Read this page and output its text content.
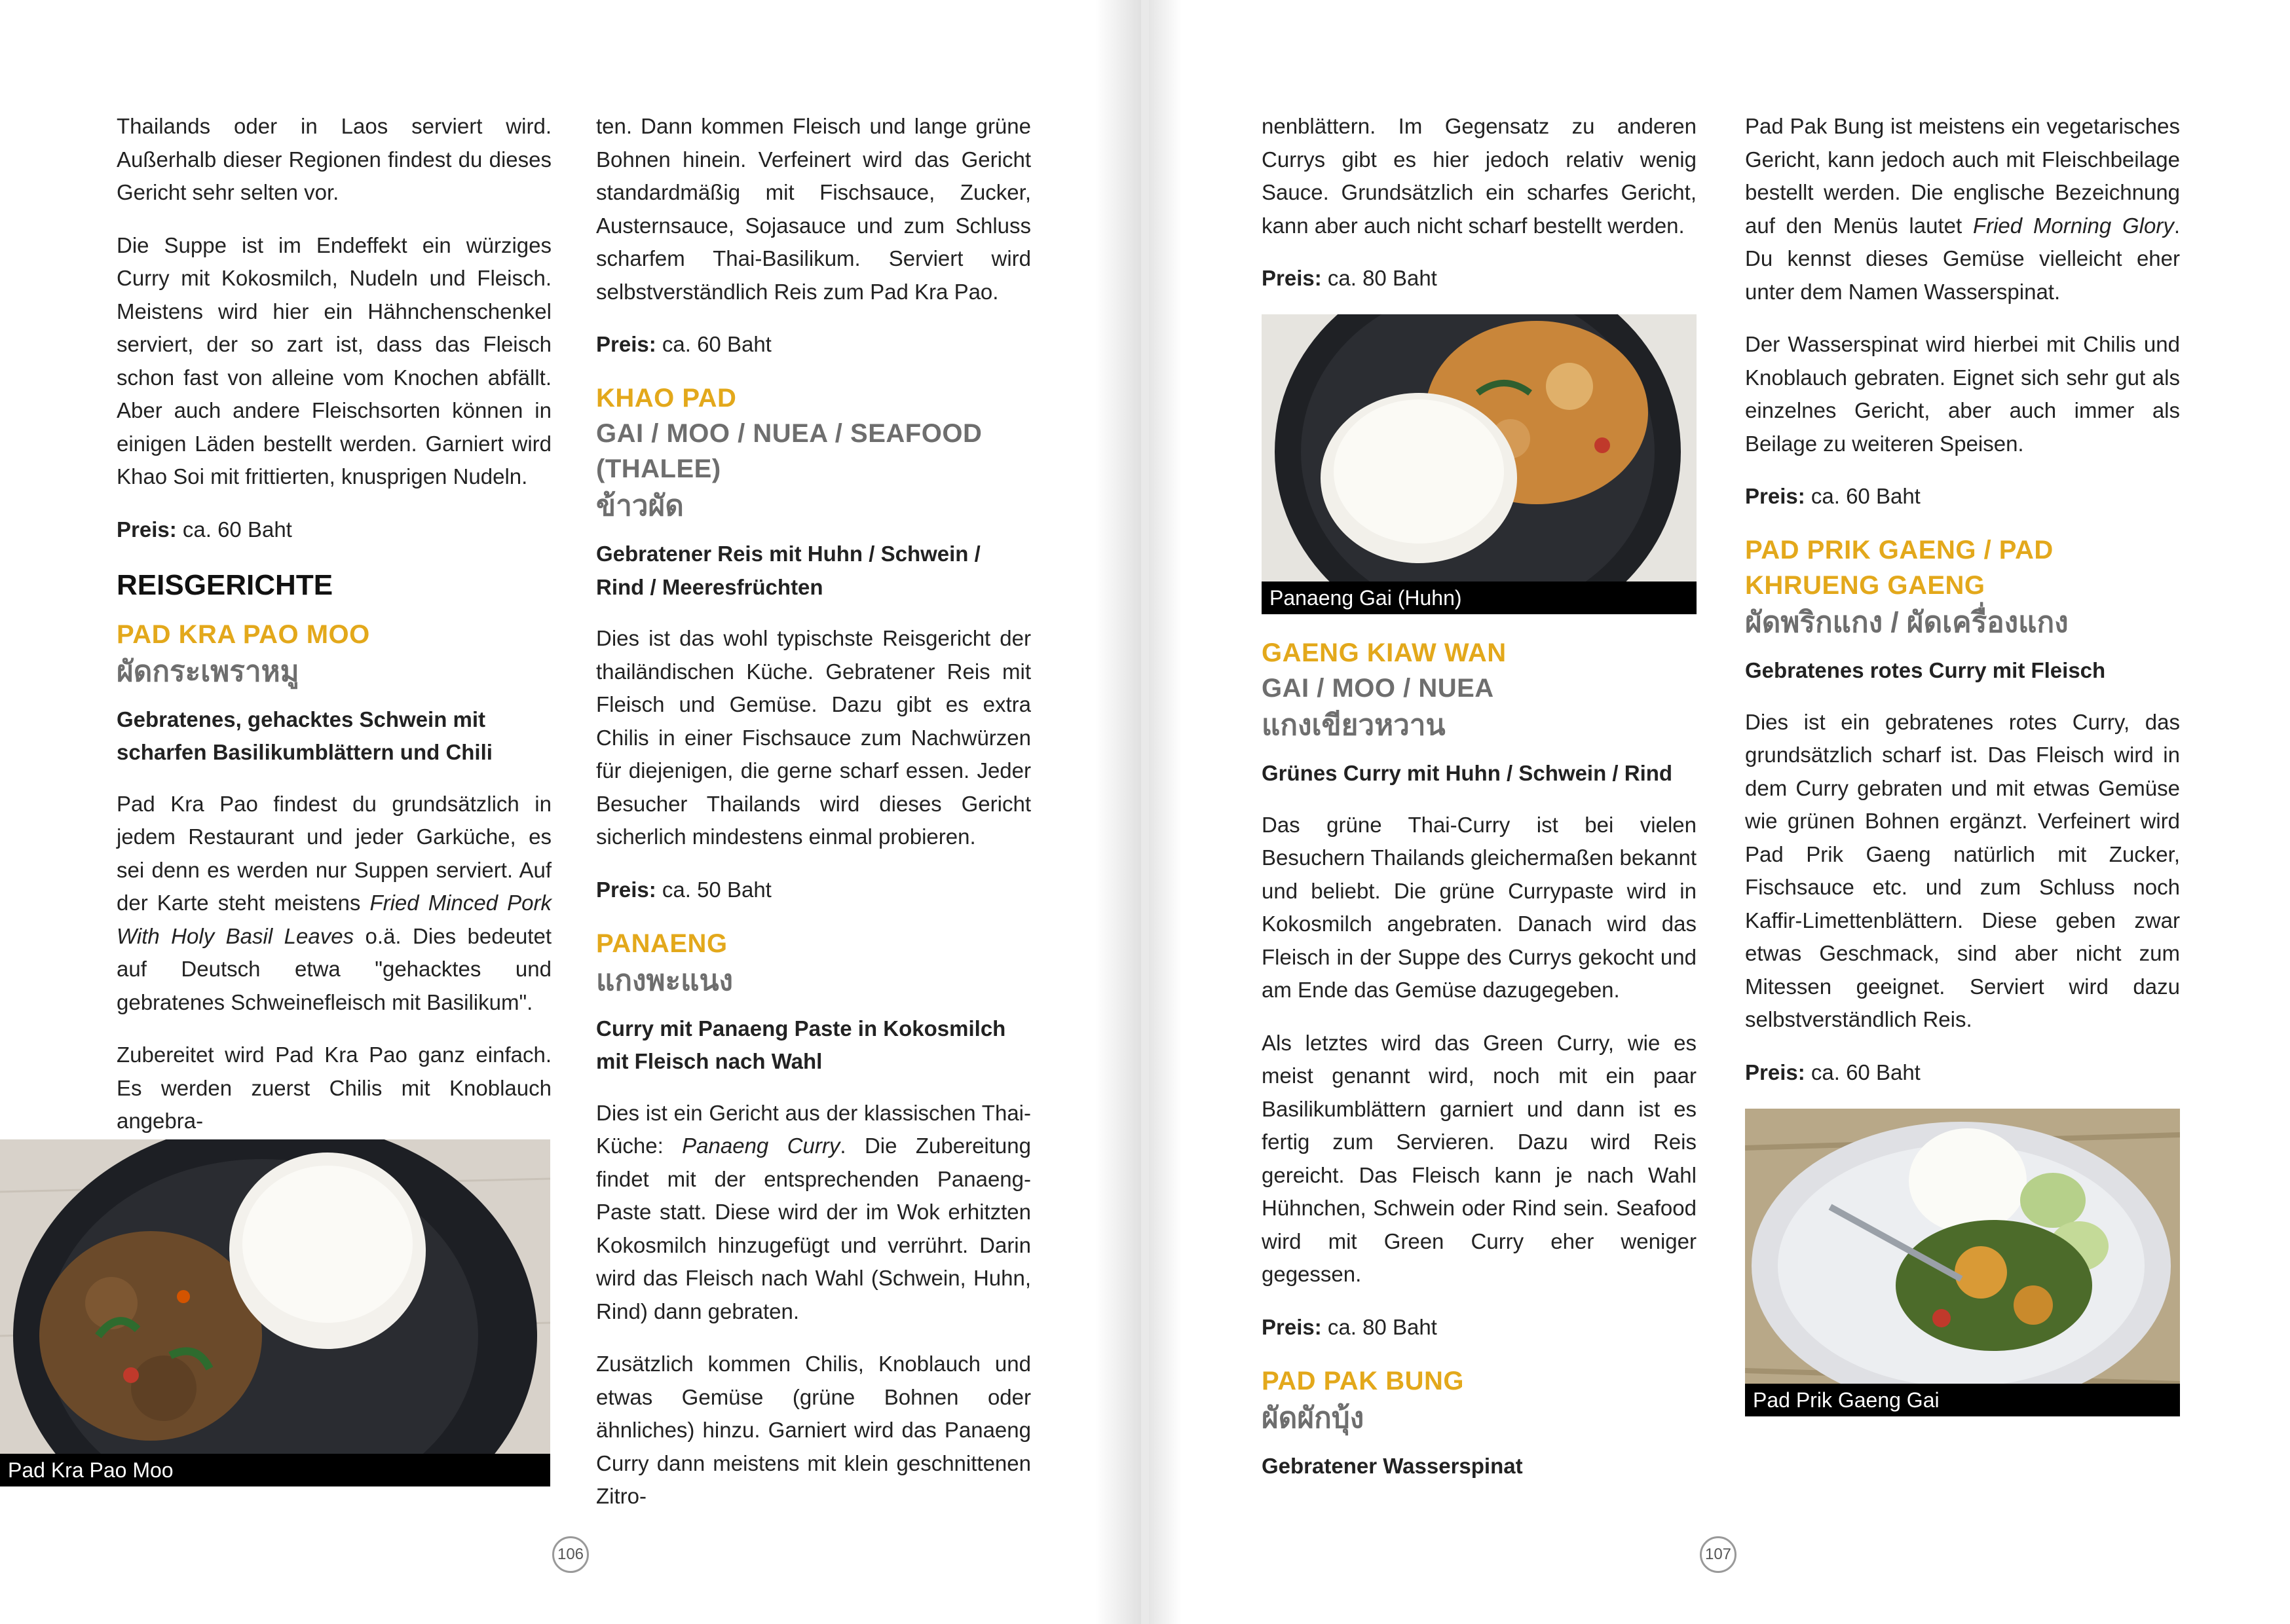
Thailands oder in Laos serviert wird. Außerhalb dieser Regionen findest du dieses Gericht sehr selten vor.

Die Suppe ist im Endeffekt ein würziges Curry mit Kokosmilch, Nudeln und Fleisch. Meistens wird hier ein Hähnchenschenkel serviert, der so zart ist, dass das Fleisch schon fast von alleine vom Knochen abfällt. Aber auch andere Fleischsorten können in einigen Läden bestellt werden. Garniert wird Khao Soi mit frittierten, knusprigen Nudeln.

Preis: ca. 60 Baht
REISGERICHTE
PAD KRA PAO MOO
ผัดกระเพราหมู
Gebratenes, gehacktes Schwein mit scharfen Basilikumblättern und Chili

Pad Kra Pao findest du grundsätzlich in jedem Restaurant und jeder Garküche, es sei denn es werden nur Suppen serviert. Auf der Karte steht meistens Fried Minced Pork With Holy Basil Leaves o.ä. Dies bedeutet auf Deutsch etwa "gehacktes und gebratenes Schweinefleisch mit Basilikum".

Zubereitet wird Pad Kra Pao ganz einfach. Es werden zuerst Chilis mit Knoblauch angebra-

Pad Kra Pao Moo

ten. Dann kommen Fleisch und lange grüne Bohnen hinein. Verfeinert wird das Gericht standardmäßig mit Fischsauce, Zucker, Austernsauce, Sojasauce und zum Schluss scharfem Thai-Basilikum. Serviert wird selbstverständlich Reis zum Pad Kra Pao.

Preis: ca. 60 Baht
KHAO PAD
GAI / MOO / NUEA / SEAFOOD (THALEE)
ข้าวผัด
Gebratener Reis mit Huhn / Schwein / Rind / Meeresfrüchten

Dies ist das wohl typischste Reisgericht der thailändischen Küche. Gebratener Reis mit Fleisch und Gemüse. Dazu gibt es extra Chilis in einer Fischsauce zum Nachwürzen für diejenigen, die gerne scharf essen. Jeder Besucher Thailands wird dieses Gericht sicherlich mindestens einmal probieren.

Preis: ca. 50 Baht
PANAENG
แกงพะแนง
Curry mit Panaeng Paste in Kokosmilch mit Fleisch nach Wahl

Dies ist ein Gericht aus der klassischen Thai-Küche: Panaeng Curry. Die Zubereitung findet mit der entsprechenden Panaeng-Paste statt. Diese wird der im Wok erhitzten Kokosmilch hinzugefügt und verrührt. Darin wird das Fleisch nach Wahl (Schwein, Huhn, Rind) dann gebraten.

Zusätzlich kommen Chilis, Knoblauch und etwas Gemüse (grüne Bohnen oder ähnliches) hinzu. Garniert wird das Panaeng Curry dann meistens mit klein geschnittenen Zitro-

106

nenblättern. Im Gegensatz zu anderen Currys gibt es hier jedoch relativ wenig Sauce. Grundsätzlich ein scharfes Gericht, kann aber auch nicht scharf bestellt werden.

Preis: ca. 80 Baht
Panaeng Gai (Huhn)
GAENG KIAW WAN
GAI / MOO / NUEA
แกงเขียวหวาน
Grünes Curry mit Huhn / Schwein / Rind

Das grüne Thai-Curry ist bei vielen Besuchern Thailands gleichermaßen bekannt und beliebt. Die grüne Currypaste wird in Kokosmilch angebraten. Danach wird das Fleisch in der Suppe des Currys gekocht und am Ende das Gemüse dazugegeben.

Als letztes wird das Green Curry, wie es meist genannt wird, noch mit ein paar Basilikumblättern garniert und dann ist es fertig zum Servieren. Dazu wird Reis gereicht. Das Fleisch kann je nach Wahl Hühnchen, Schwein oder Rind sein. Seafood wird mit Green Curry eher weniger gegessen.

Preis: ca. 80 Baht
PAD PAK BUNG
ผัดผักบุ้ง
Gebratener Wasserspinat

Pad Pak Bung ist meistens ein vegetarisches Gericht, kann jedoch auch mit Fleischbeilage bestellt werden. Die englische Bezeichnung auf den Menüs lautet Fried Morning Glory. Du kennst dieses Gemüse vielleicht eher unter dem Namen Wasserspinat.

Der Wasserspinat wird hierbei mit Chilis und Knoblauch gebraten. Eignet sich sehr gut als einzelnes Gericht, aber auch immer als Beilage zu weiteren Speisen.

Preis: ca. 60 Baht
PAD PRIK GAENG / PAD KHRUENG GAENG
ผัดพริกแกง / ผัดเครื่องแกง
Gebratenes rotes Curry mit Fleisch

Dies ist ein gebratenes rotes Curry, das grundsätzlich scharf ist. Das Fleisch wird in dem Curry gebraten und mit etwas Gemüse wie grünen Bohnen ergänzt. Verfeinert wird Pad Prik Gaeng natürlich mit Zucker, Fischsauce etc. und zum Schluss noch Kaffir-Limettenblättern. Diese geben zwar etwas Geschmack, sind aber nicht zum Mitessen geeignet. Serviert wird dazu selbstverständlich Reis.

Preis: ca. 60 Baht
Pad Prik Gaeng Gai
107
